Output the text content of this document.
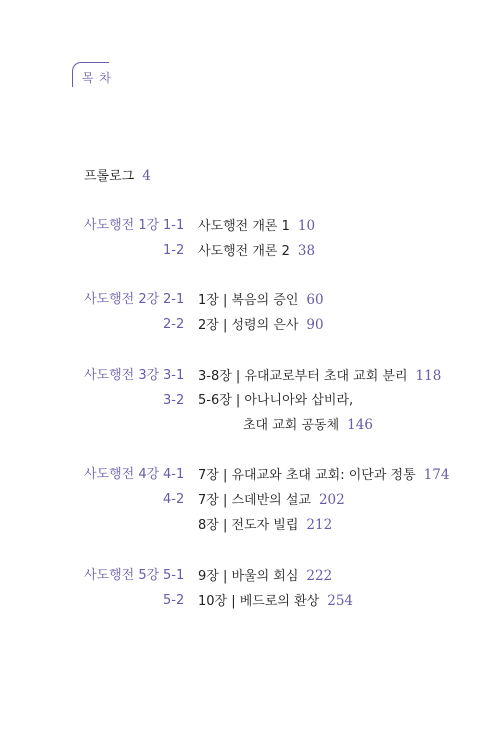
목 차
프롤로그 4
사도행전 1강 1-1 사도행전 개론 1 10
1-2 사도행전 개론 2 38
사도행전 2강 2-1 1장 | 복음의 증인 60
2-2 2장 | 성령의 은사 90
사도행전 3강 3-1 3-8장 | 유대교로부터 초대 교회 분리 118
3-2 5-6장 | 아나니아와 삽비라,
초대 교회 공동체 146
사도행전 4강 4-1 7장 | 유대교와 초대 교회: 이단과 정통 174
4-2 7장 | 스데반의 설교 202
8장 | 전도자 빌립 212
사도행전 5강 5-1 9장 | 바울의 회심 222
5-2 10장 | 베드로의 환상 254
